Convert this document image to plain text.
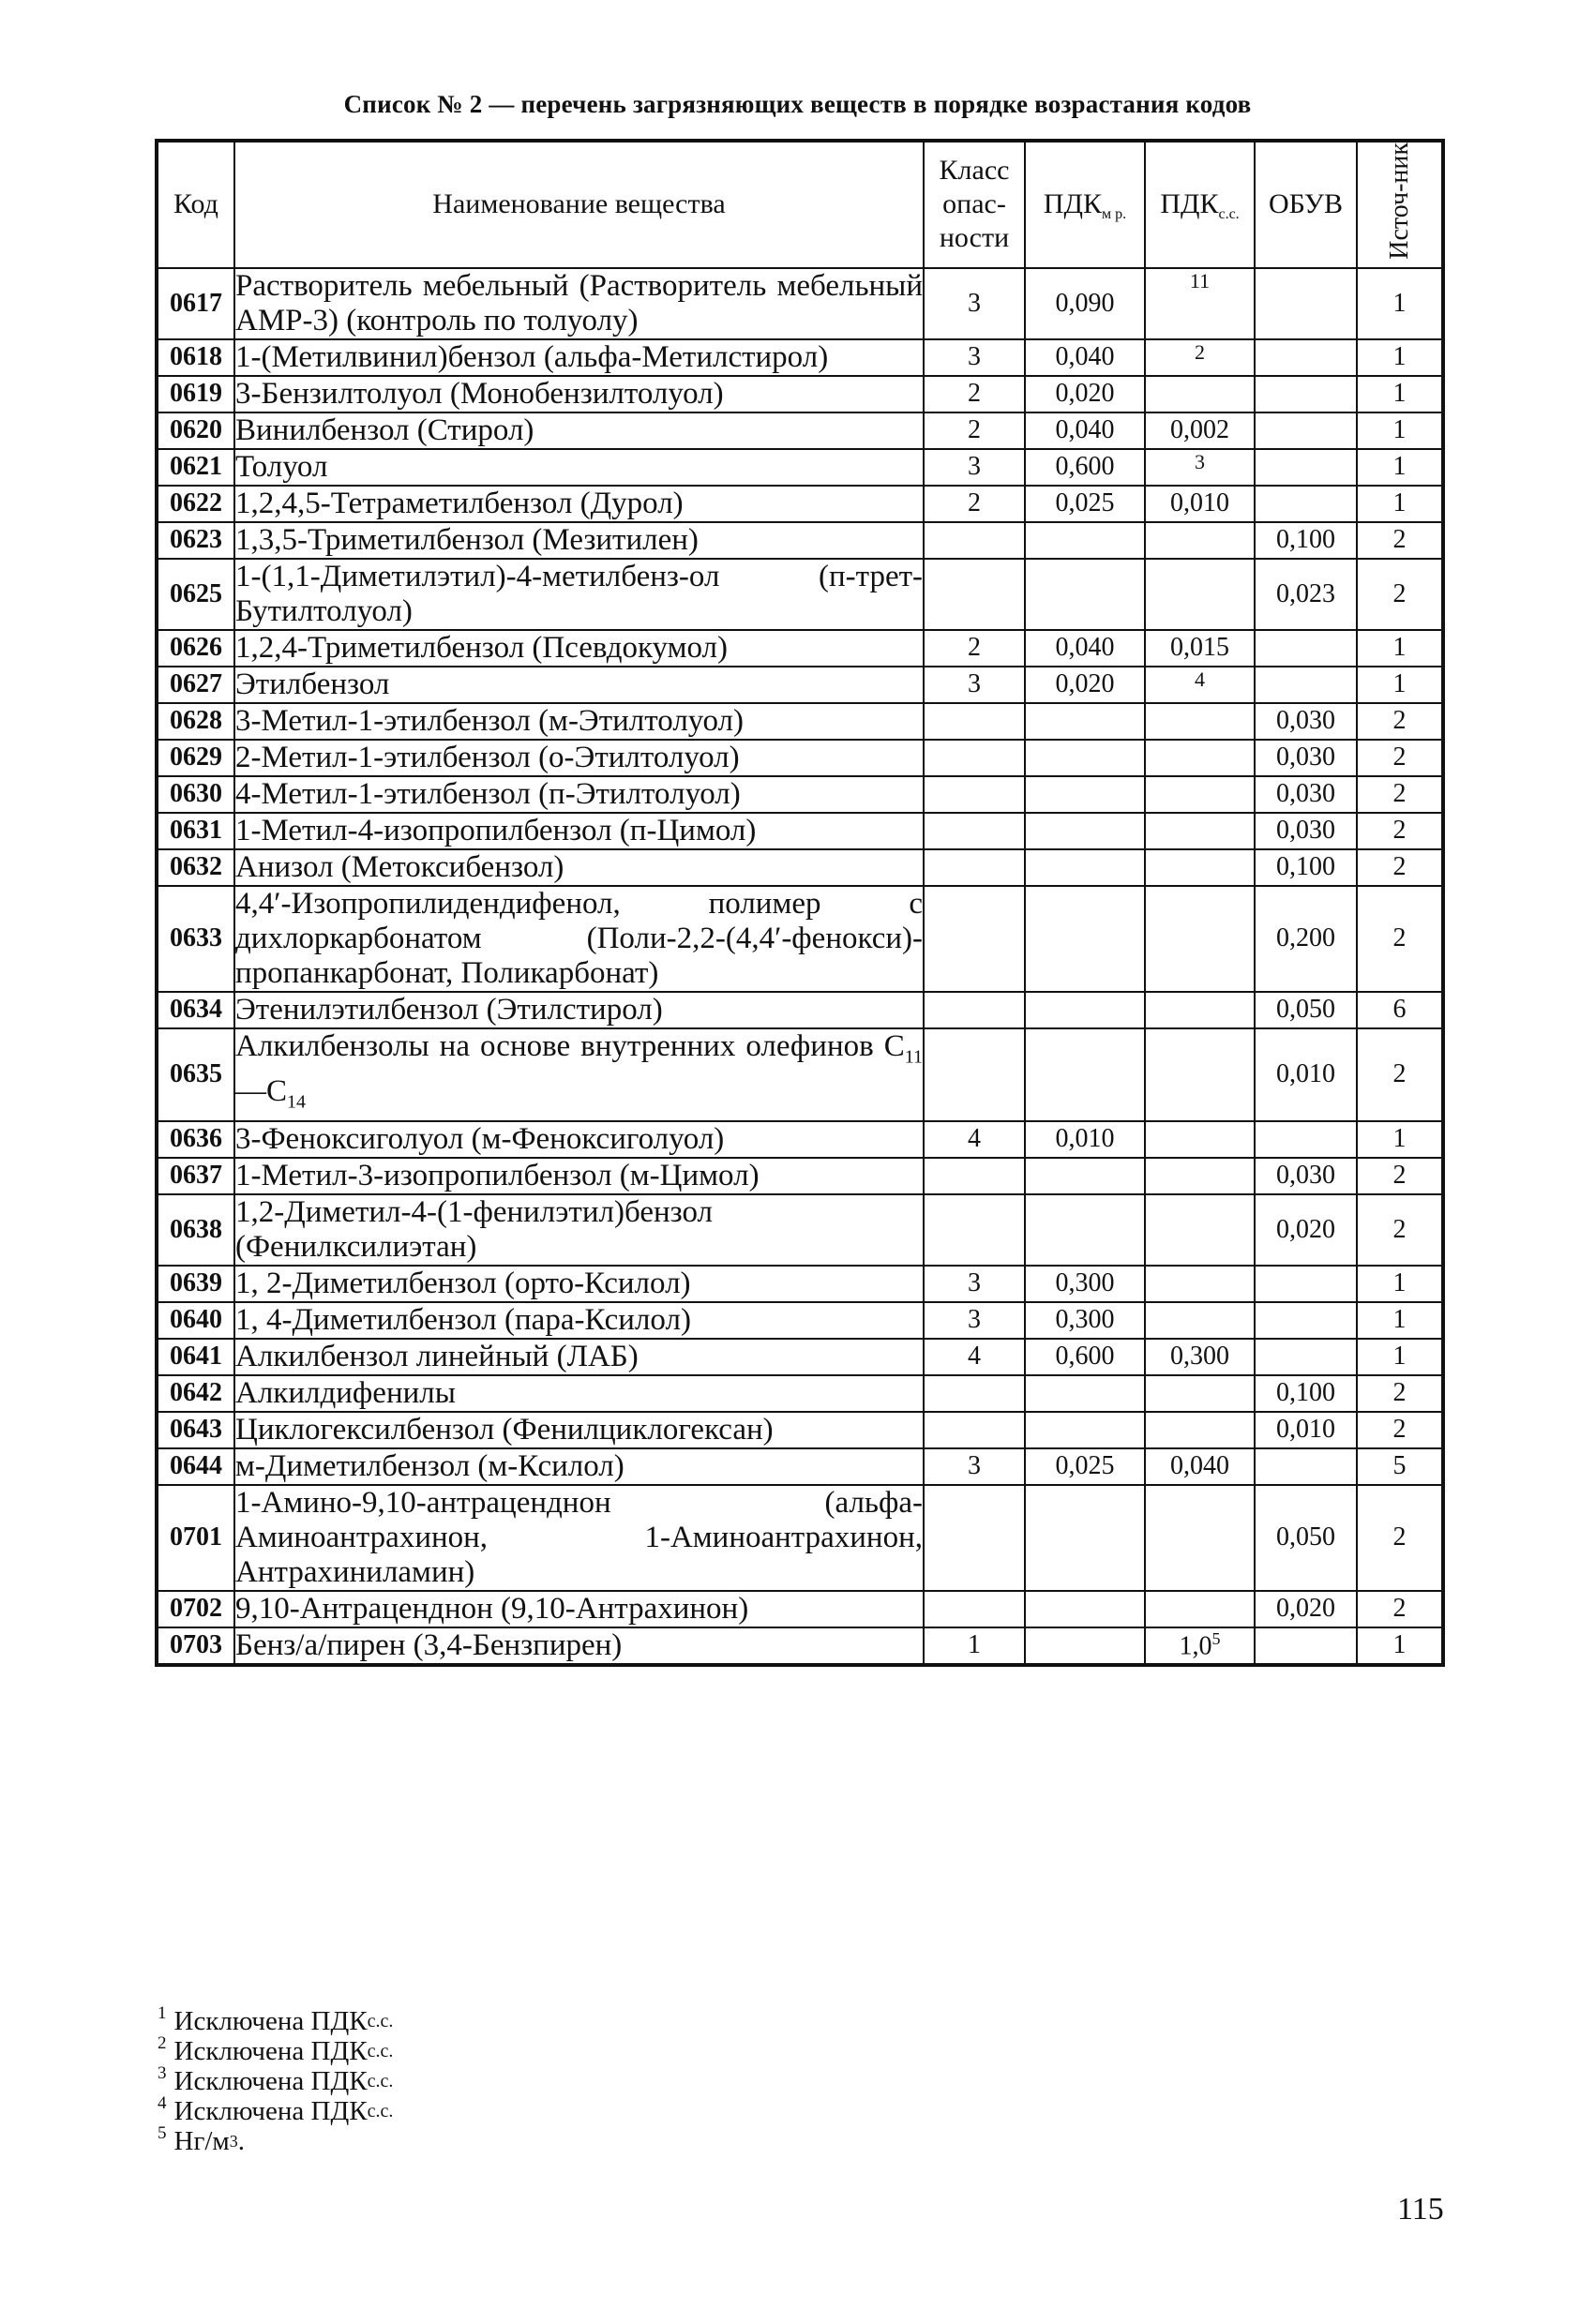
Список № 2 — перечень загрязняющих веществ в порядке возрастания кодов
Код	Наименование вещества	Класс опас-ности	$ПДК_{м р.}$	$ПДК_{с.с.}$	ОБУВ	Источ-ник
0617	Растворитель мебельный (Растворитель мебельный АМР-3) (контроль по толуолу)	3	0,090	11		1
0618	1-(Метилвинил)бензол (альфа-Метилстирол)	3	0,040	2		1
0619	3-Бензилтолуол (Монобензилтолуол)	2	0,020			1
0620	Винилбензол (Стирол)	2	0,040	0,002		1
0621	Толуол	3	0,600	3		1
0622	1,2,4,5-Тетраметилбензол (Дурол)	2	0,025	0,010		1
0623	1,3,5-Триметилбензол (Мезитилен)				0,100	2
0625	1-(1,1-Диметилэтил)-4-метилбенз-ол (п-трет-Бутилтолуол)				0,023	2
0626	1,2,4-Триметилбензол (Псевдокумол)	2	0,040	0,015		1
0627	Этилбензол	3	0,020	4		1
0628	3-Метил-1-этилбензол (м-Этилтолуол)				0,030	2
0629	2-Метил-1-этилбензол (о-Этилтолуол)				0,030	2
0630	4-Метил-1-этилбензол (п-Этилтолуол)				0,030	2
0631	1-Метил-4-изопропилбензол (п-Цимол)				0,030	2
0632	Анизол (Метоксибензол)				0,100	2
0633	4,4′-Изопропилидендифенол, полимер с дихлоркарбонатом (Поли-2,2-(4,4′-фенокси)-пропанкарбонат, Поликарбонат)				0,200	2
0634	Этенилэтилбензол (Этилстирол)				0,050	6
0635	Алкилбензолы на основе внутренних олефинов $С_{11}—С_{14}$				0,010	2
0636	3-Феноксиголуол (м-Феноксиголуол)	4	0,010			1
0637	1-Метил-3-изопропилбензол (м-Цимол)				0,030	2
0638	1,2-Диметил-4-(1-фенилэтил)бензол (Фенилксилиэтан)				0,020	2
0639	1, 2-Диметилбензол (орто-Ксилол)	3	0,300			1
0640	1, 4-Диметилбензол (пара-Ксилол)	3	0,300			1
0641	Алкилбензол линейный (ЛАБ)	4	0,600	0,300		1
0642	Алкилдифенилы				0,100	2
0643	Циклогексилбензол (Фенилциклогексан)				0,010	2
0644	м-Диметилбензол (м-Ксилол)	3	0,025	0,040		5
0701	1-Амино-9,10-антраценднон (альфа-Аминоантрахинон, 1-Аминоантрахинон, Антрахиниламин)				0,050	2
0702	9,10-Антраценднон (9,10-Антрахинон)				0,020	2
0703	Бенз/а/пирен (3,4-Бензпирен)	1		$1,0^5$		1
1 Исключена ПДК с.с.
2 Исключена ПДК с.с.
3 Исключена ПДК с.с.
4 Исключена ПДК с.с.
5 Нг/м 3 .
115
